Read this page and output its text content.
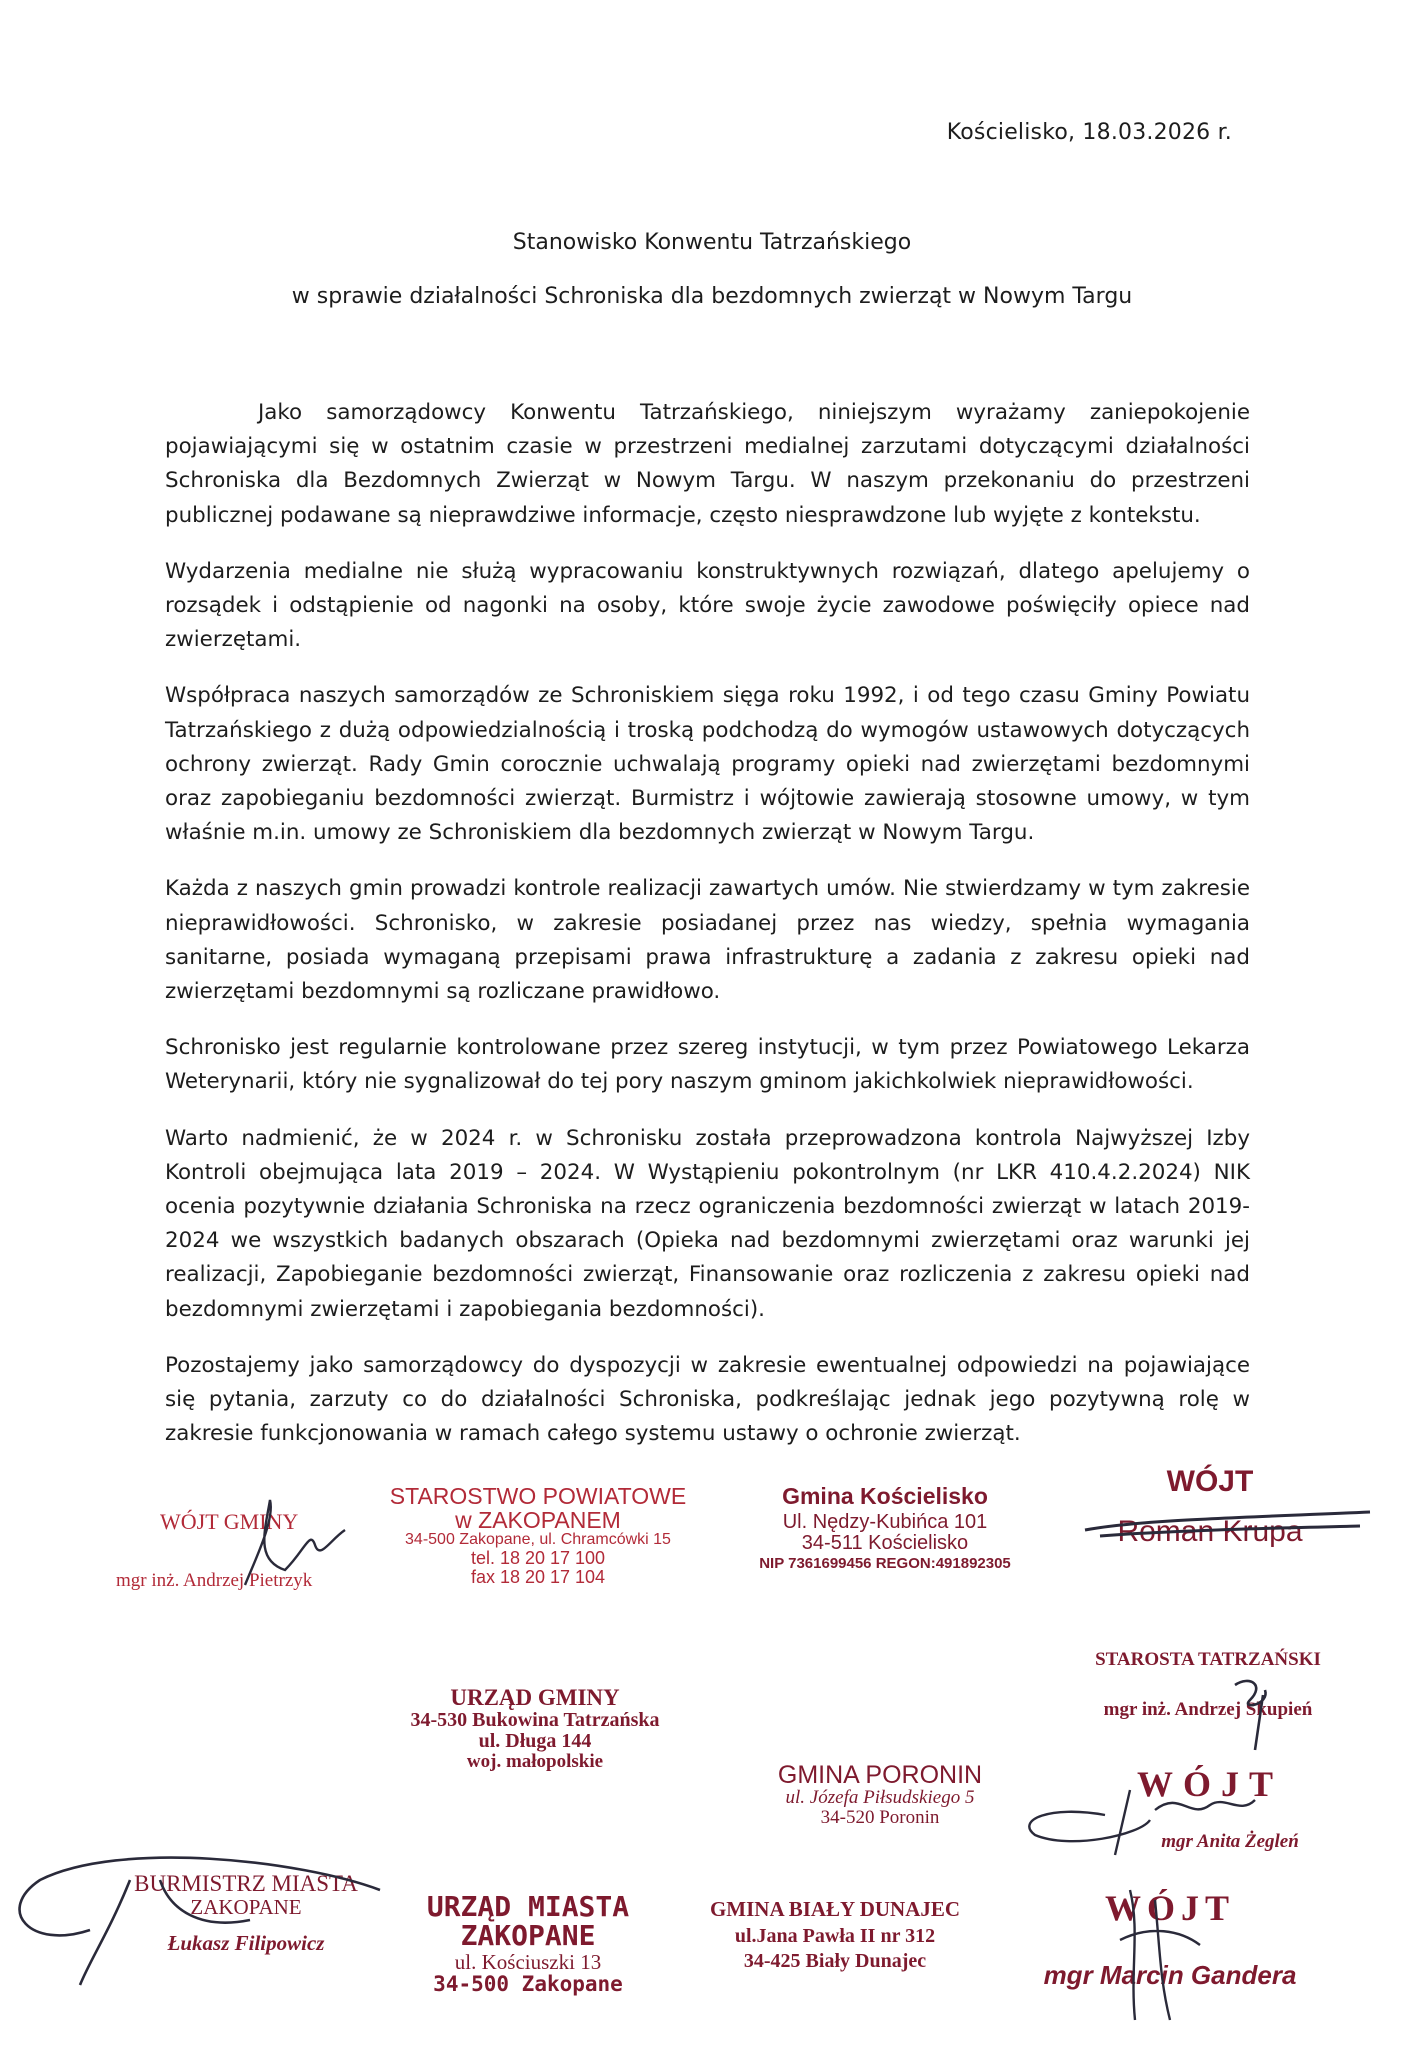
Kościelisko, 18.03.2026 r.
Stanowisko Konwentu Tatrzańskiego
w sprawie działalności Schroniska dla bezdomnych zwierząt w Nowym Targu

Jako samorządowcy Konwentu Tatrzańskiego, niniejszym wyrażamy zaniepokojenie pojawiającymi się w ostatnim czasie w przestrzeni medialnej zarzutami dotyczącymi działalności Schroniska dla Bezdomnych Zwierząt w Nowym Targu. W naszym przekonaniu do przestrzeni publicznej podawane są nieprawdziwe informacje, często niesprawdzone lub wyjęte z kontekstu.

Wydarzenia medialne nie służą wypracowaniu konstruktywnych rozwiązań, dlatego apelujemy o rozsądek i odstąpienie od nagonki na osoby, które swoje życie zawodowe poświęciły opiece nad zwierzętami.

Współpraca naszych samorządów ze Schroniskiem sięga roku 1992, i od tego czasu Gminy Powiatu Tatrzańskiego z dużą odpowiedzialnością i troską podchodzą do wymogów ustawowych dotyczących ochrony zwierząt. Rady Gmin corocznie uchwalają programy opieki nad zwierzętami bezdomnymi oraz zapobieganiu bezdomności zwierząt. Burmistrz i wójtowie zawierają stosowne umowy, w tym właśnie m.in. umowy ze Schroniskiem dla bezdomnych zwierząt w Nowym Targu.

Każda z naszych gmin prowadzi kontrole realizacji zawartych umów. Nie stwierdzamy w tym zakresie nieprawidłowości. Schronisko, w zakresie posiadanej przez nas wiedzy, spełnia wymagania sanitarne, posiada wymaganą przepisami prawa infrastrukturę a zadania z zakresu opieki nad zwierzętami bezdomnymi są rozliczane prawidłowo.

Schronisko jest regularnie kontrolowane przez szereg instytucji, w tym przez Powiatowego Lekarza Weterynarii, który nie sygnalizował do tej pory naszym gminom jakichkolwiek nieprawidłowości.

Warto nadmienić, że w 2024 r. w Schronisku została przeprowadzona kontrola Najwyższej Izby Kontroli obejmująca lata 2019 – 2024. W Wystąpieniu pokontrolnym (nr LKR 410.4.2.2024) NIK ocenia pozytywnie działania Schroniska na rzecz ograniczenia bezdomności zwierząt w latach 2019-2024 we wszystkich badanych obszarach (Opieka nad bezdomnymi zwierzętami oraz warunki jej realizacji, Zapobieganie bezdomności zwierząt, Finansowanie oraz rozliczenia z zakresu opieki nad bezdomnymi zwierzętami i zapobiegania bezdomności).

Pozostajemy jako samorządowcy do dyspozycji w zakresie ewentualnej odpowiedzi na pojawiające się pytania, zarzuty co do działalności Schroniska, podkreślając jednak jego pozytywną rolę w zakresie funkcjonowania w ramach całego systemu ustawy o ochronie zwierząt.

WÓJT GMINY
mgr inż. Andrzej Pietrzyk
STAROSTWO POWIATOWE
w ZAKOPANEM
34-500 Zakopane, ul. Chramcówki 15
tel. 18 20 17 100
fax 18 20 17 104
Gmina Kościelisko
Ul. Nędzy-Kubińca 101
34-511 Kościelisko
NIP 7361699456 REGON:491892305
WÓJT
Roman Krupa
STAROSTA TATRZAŃSKI
mgr inż. Andrzej Skupień
URZĄD GMINY
34-530 Bukowina Tatrzańska
ul. Długa 144
woj. małopolskie	GMINA PORONIN
ul. Józefa Piłsudskiego 5
34-520 Poronin
WÓJT
mgr Anita Żegleń
BURMISTRZ MIASTA
ZAKOPANE
Łukasz Filipowicz
URZĄD MIASTA
ZAKOPANE
ul. Kościuszki 13
34-500 Zakopane
GMINA BIAŁY DUNAJEC
ul.Jana Pawła II nr 312
34-425 Biały Dunajec
WÓJT
mgr Marcin Gandera
